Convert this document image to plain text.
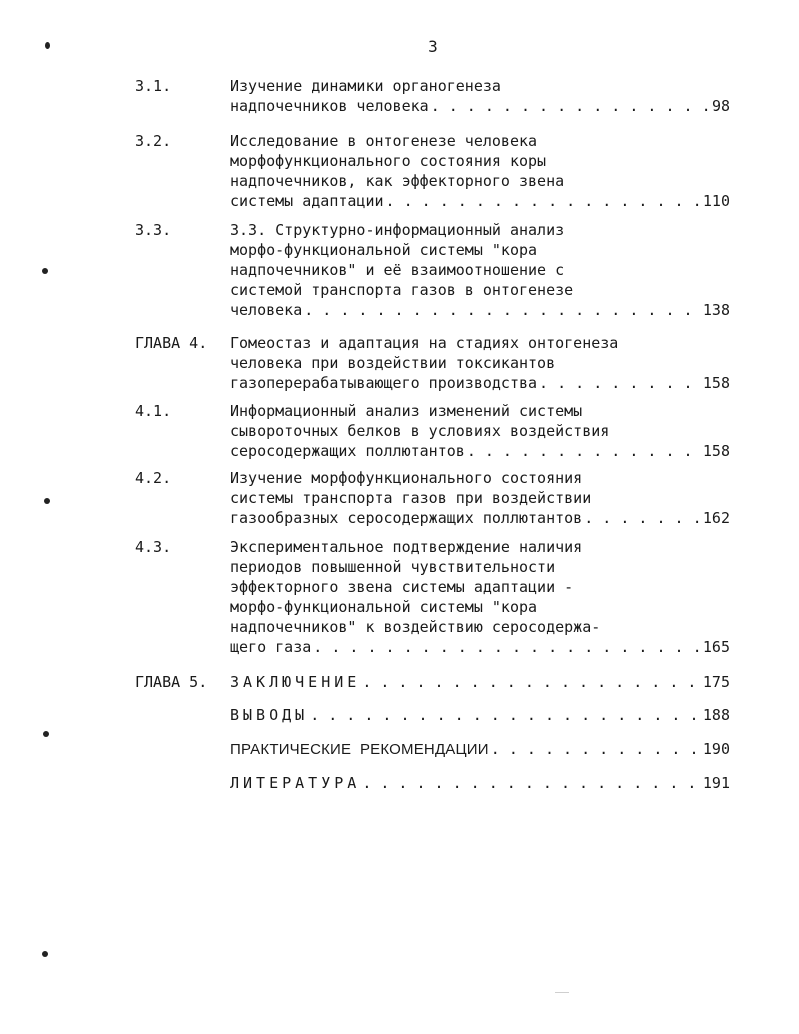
3
3.1.	Изучение динамики органогенеза
надпочечников человека . . .	98
3.2.	Исследование в онтогенезе человека
морфофункционального состояния коры
надпочечников, как эффекторного звена
системы адаптации . . .	110
3.3.	3.3. Структурно-информационный анализ
морфо-функциональной системы "кора
надпочечников" и её взаимоотношение с
системой транспорта газов в онтогенезе
человека . . .	138
ГЛАВА 4. Гомеостаз и адаптация на стадиях онтогенеза
человека при воздействии токсикантов
газоперерабатывающего производства . . .	158
4.1.	Информационный анализ изменений системы
сывороточных белков в условиях воздействия
серосодержащих поллютантов . . .	158
4.2.	Изучение морфофункционального состояния
системы транспорта газов при воздействии
газообразных серосодержащих поллютантов . . .	162
4.3.	Экспериментальное подтверждение наличия
периодов повышенной чувствительности
эффекторного звена системы адаптации -
морфо-функциональной системы "кора
надпочечников" к воздействию серосодержа-
щего газа . . .	165
ГЛАВА 5. ЗАКЛЮЧЕНИЕ . . .	175
ВЫВОДЫ . . .	188
ПРАКТИЧЕСКИЕ  РЕКОМЕНДАЦИИ . . .	190
ЛИТЕРАТУРА . . .	191
